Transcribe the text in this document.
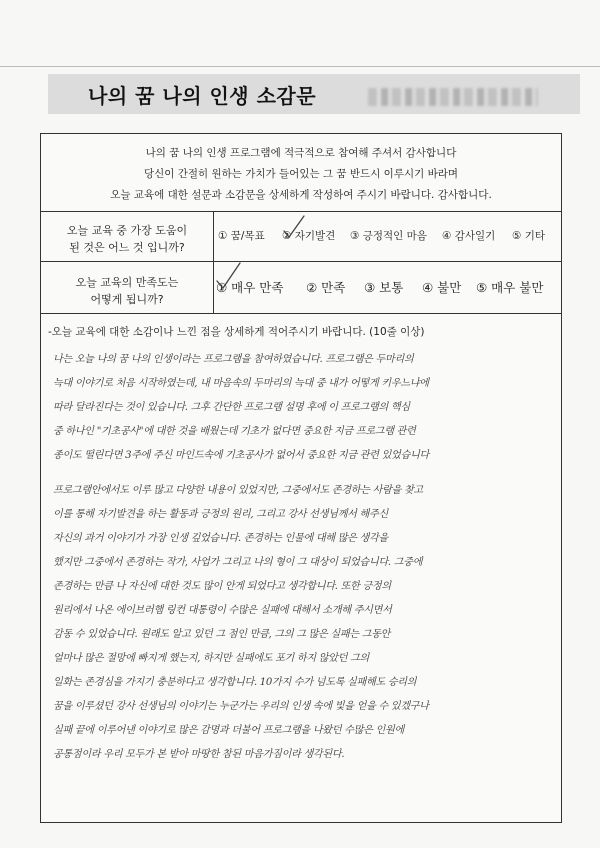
나의 꿈 나의 인생 소감문
나의 꿈 나의 인생 프로그램에 적극적으로 참여해 주셔서 감사합니다
당신이 간절히 원하는 가치가 들어있는 그 꿈 반드시 이루시기 바라며
오늘 교육에 대한 설문과 소감문을 상세하게 작성하여 주시기 바랍니다. 감사합니다.
오늘 교육 중 가장 도움이
된 것은 어느 것 입니까?
① 꿈/목표 ② 자기발견 ③ 긍정적인 마음 ④ 감사일기 ⑤ 기타
오늘 교육의 만족도는
어떻게 됩니까?
① 매우 만족 ② 만족 ③ 보통 ④ 불만 ⑤ 매우 불만
-오늘 교육에 대한 소감이나 느낀 점을 상세하게 적어주시기 바랍니다. (10줄 이상)
나는 오늘 나의 꿈 나의 인생이라는 프로그램을 참여하였습니다. 프로그램은 두마리의
늑대 이야기로 처음 시작하였는데, 내 마음속의 두마리의 늑대 중 내가 어떻게 키우느냐에
따라 달라진다는 것이 있습니다. 그후 간단한 프로그램 설명 후에 이 프로그램의 핵심
중 하나인 "기초공사"에 대한 것을 배웠는데 기초가 없다면 중요한 지금 프로그램 관련
종이도 떨린다면 3주에 주신 마인드속에 기초공사가 없어서 중요한 지금 관련 있었습니다
프로그램안에서도 이루 많고 다양한 내용이 있었지만, 그중에서도 존경하는 사람을 찾고
이를 통해 자기발견을 하는 활동과 긍정의 원리, 그리고 강사 선생님께서 해주신
자신의 과거 이야기가 가장 인생 깊었습니다. 존경하는 인물에 대해 많은 생각을
했지만 그중에서 존경하는 작가, 사업가 그리고 나의 형이 그 대상이 되었습니다. 그중에
존경하는 만큼 나 자신에 대한 것도 많이 안게 되었다고 생각합니다. 또한 긍정의
원리에서 나온 에이브러햄 링컨 대통령이 수많은 실패에 대해서 소개해 주시면서
감동 수 있었습니다. 원래도 알고 있던 그 점인 만큼, 그의 그 많은 실패는 그동안
얼마나 많은 절망에 빠지게 했는지, 하지만 실패에도 포기 하지 않았던 그의
일화는 존경심을 가지기 충분하다고 생각합니다. 10가지 수가 넘도록 실패해도 승리의
꿈을 이루셨던 강사 선생님의 이야기는 누군가는 우리의 인생 속에 빛을 얻을 수 있겠구나
실패 끝에 이루어낸 이야기로 많은 감명과 더불어 프로그램을 나왔던 수많은 인원에
공통점이라 우리 모두가 본 받아 마땅한 참된 마음가짐이라 생각된다.
